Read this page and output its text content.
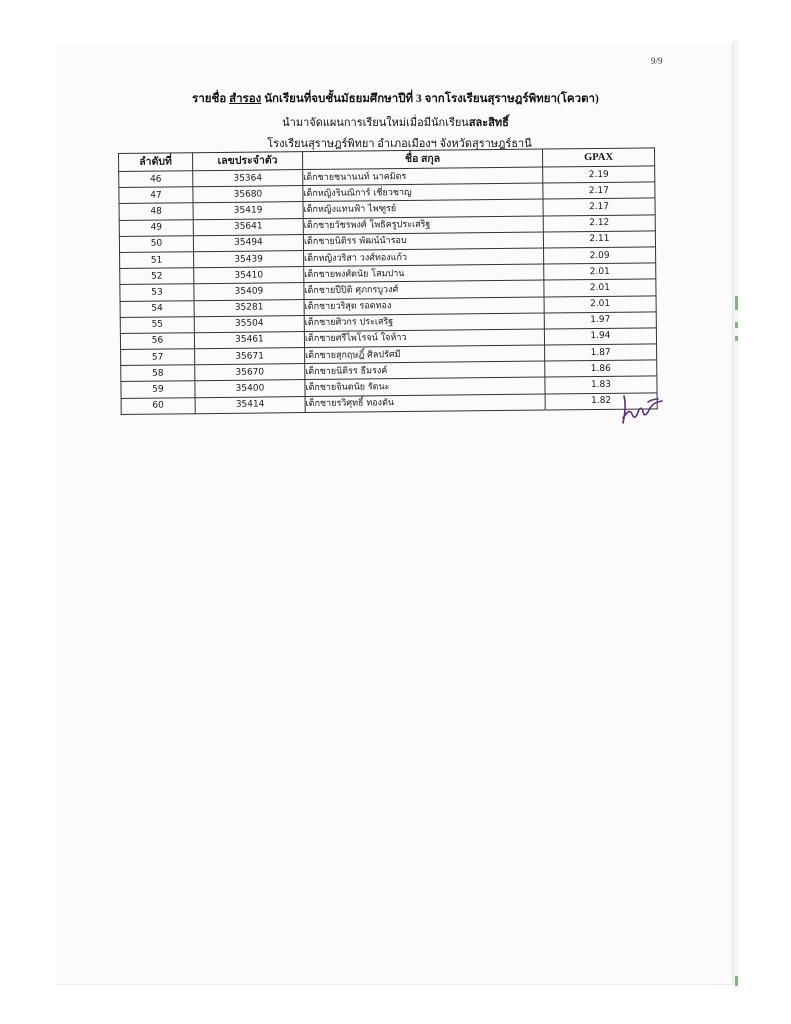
9/9
รายชื่อ สำรอง นักเรียนที่จบชั้นมัธยมศึกษาปีที่ 3 จากโรงเรียนสุราษฎร์พิทยา(โควตา)
นำมาจัดแผนการเรียนใหม่เมื่อมีนักเรียนสละสิทธิ์
โรงเรียนสุราษฎร์พิทยา อำเภอเมืองฯ จังหวัดสุราษฎร์ธานี
ลำดับที่	เลขประจำตัว	ชื่อ สกุล	GPAX
46	35364	เด็กชายชนานนท์ นาคมิตร	2.19
47	35680	เด็กหญิงรินณิการ์ เชี่ยวชาญ	2.17
48	35419	เด็กหญิงแทนฟ้า ไพฑูรย์	2.17
49	35641	เด็กชายวัชรพงศ์ โพธิครูประเสริฐ	2.12
50	35494	เด็กชายนิติรร พัฒน์นำรอบ	2.11
51	35439	เด็กหญิงวริสา วงศ์ทองแก้ว	2.09
52	35410	เด็กชายพงศ์ตนัย โสมปาน	2.01
53	35409	เด็กชายปีปิติ ศุภกรบูวงศ์	2.01
54	35281	เด็กชายวริสุต รอดทอง	2.01
55	35504	เด็กชายศิวกร ประเสริฐ	1.97
56	35461	เด็กชายศรีไพโรจน์ ใจห้าว	1.94
57	35671	เด็กชายสุกฤษฎิ์ ศิลปรัศมี	1.87
58	35670	เด็กชายนิติรร ธีมรงค์	1.86
59	35400	เด็กชายจินตนัย รัตนะ	1.83
60	35414	เด็กชายรวิศุทธิ์ ทองดัน	1.82
